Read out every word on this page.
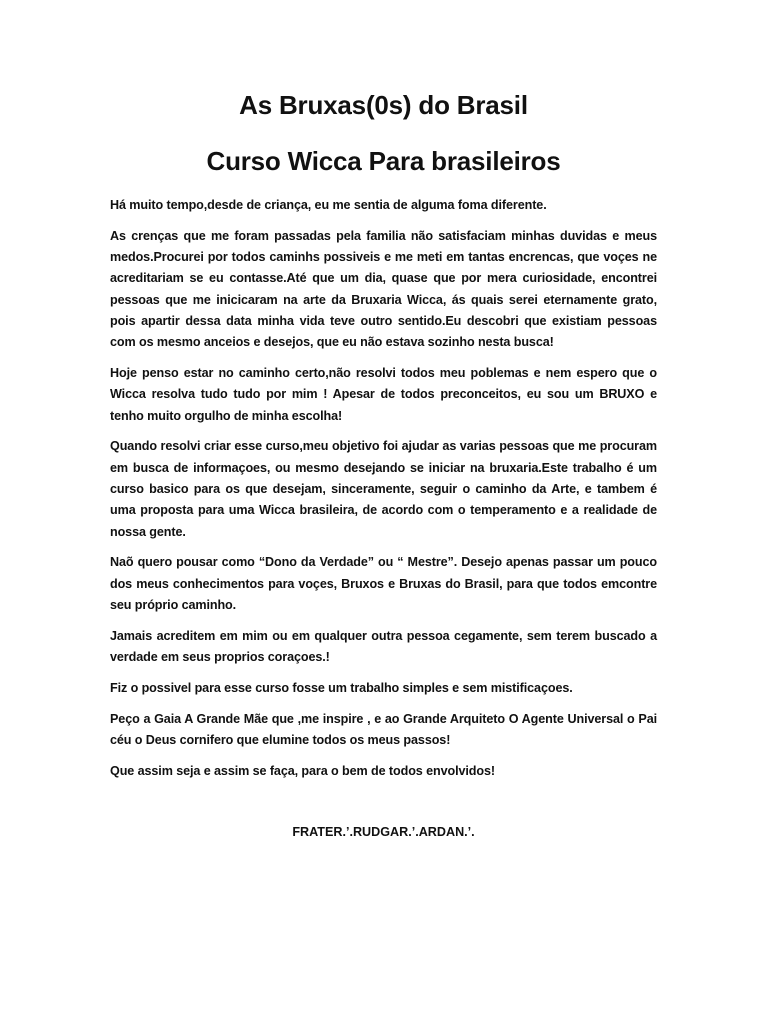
As Bruxas(0s) do Brasil
Curso Wicca Para brasileiros

Há muito tempo,desde de criança, eu me sentia de alguma foma diferente.

As crenças que me foram passadas pela familia não satisfaciam minhas duvidas e meus medos.Procurei por todos caminhs possiveis e me meti em tantas encrencas, que voçes ne acreditariam se eu contasse.Até que um dia, quase que por mera curiosidade, encontrei pessoas que me inicicaram na arte da Bruxaria Wicca, ás quais serei eternamente grato, pois apartir dessa data minha vida teve outro sentido.Eu descobri que existiam pessoas com os mesmo anceios e desejos, que eu não estava sozinho nesta busca!

Hoje penso estar no caminho certo,não resolvi todos meu poblemas e nem espero que o Wicca resolva tudo tudo por mim ! Apesar de todos preconceitos, eu sou um BRUXO e tenho muito orgulho de minha escolha!

Quando resolvi criar esse curso,meu objetivo foi ajudar as varias pessoas que me procuram em busca de informaçoes, ou mesmo desejando se iniciar na bruxaria.Este trabalho é um curso basico para os que desejam, sinceramente, seguir o caminho da Arte, e tambem é uma proposta para uma Wicca brasileira, de acordo com o temperamento e a realidade de nossa gente.

Naõ quero pousar como “Dono da Verdade” ou “ Mestre”. Desejo apenas passar um pouco dos meus conhecimentos para voçes, Bruxos e Bruxas do Brasil, para que todos emcontre seu próprio caminho.

Jamais acreditem em mim ou em qualquer outra pessoa cegamente, sem terem buscado a verdade em seus proprios coraçoes.!

Fiz o possivel para esse curso fosse um trabalho simples e sem mistificaçoes.

Peço a Gaia A Grande Mãe que ,me inspire , e ao Grande Arquiteto O Agente Universal o Pai céu o Deus cornifero que elumine todos os meus passos!

Que assim seja e assim se faça, para o bem de todos envolvidos!

FRATER.’.RUDGAR.’.ARDAN.’.
